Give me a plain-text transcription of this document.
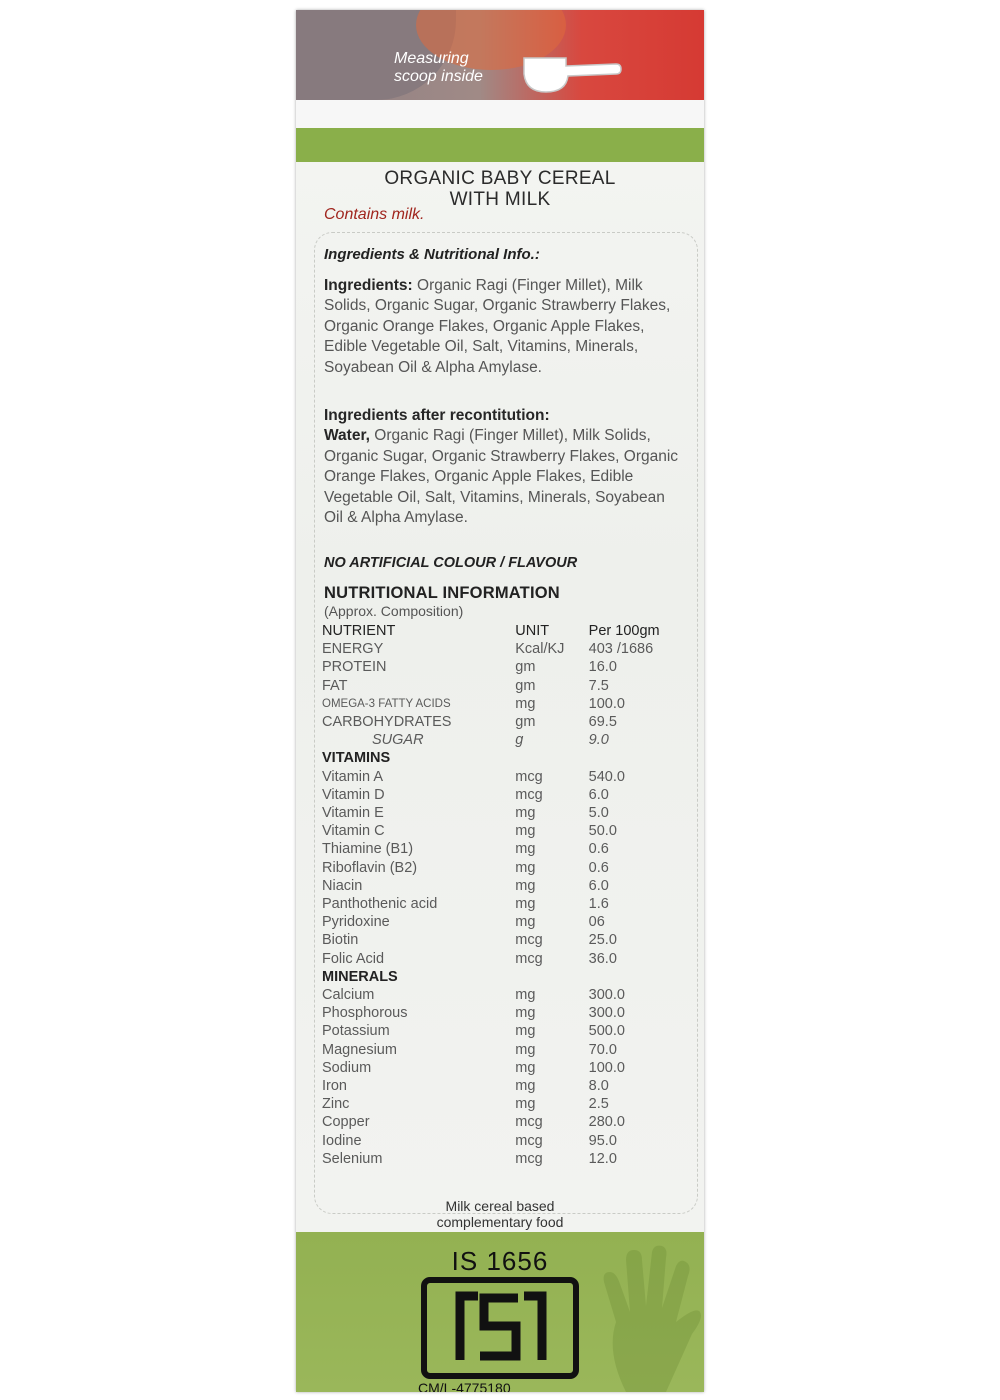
Measuring
scoop inside
ORGANIC BABY CEREAL
WITH MILK
Contains milk.
Ingredients & Nutritional Info.:
Ingredients: Organic Ragi (Finger Millet), Milk Solids, Organic Sugar, Organic Strawberry Flakes, Organic Orange Flakes, Organic Apple Flakes, Edible Vegetable Oil, Salt, Vitamins, Minerals, Soyabean Oil & Alpha Amylase.
Ingredients after recontitution:
Water, Organic Ragi (Finger Millet), Milk Solids, Organic Sugar, Organic Strawberry Flakes, Organic Orange Flakes, Organic Apple Flakes, Edible Vegetable Oil, Salt, Vitamins, Minerals, Soyabean Oil & Alpha Amylase.
NO ARTIFICIAL COLOUR / FLAVOUR
NUTRITIONAL INFORMATION
(Approx. Composition)
NUTRIENT	UNIT	Per 100gm
ENERGY	Kcal/KJ	403 /1686
PROTEIN	gm	16.0
FAT	gm	7.5
OMEGA-3 FATTY ACIDS	mg	100.0
CARBOHYDRATES	gm	69.5
SUGAR	g	9.0
VITAMINS		
Vitamin A	mcg	540.0
Vitamin D	mcg	6.0
Vitamin E	mg	5.0
Vitamin C	mg	50.0
Thiamine (B1)	mg	0.6
Riboflavin (B2)	mg	0.6
Niacin	mg	6.0
Panthothenic acid	mg	1.6
Pyridoxine	mg	06
Biotin	mcg	25.0
Folic Acid	mcg	36.0
MINERALS		
Calcium	mg	300.0
Phosphorous	mg	300.0
Potassium	mg	500.0
Magnesium	mg	70.0
Sodium	mg	100.0
Iron	mg	8.0
Zinc	mg	2.5
Copper	mcg	280.0
Iodine	mcg	95.0
Selenium	mcg	12.0
Milk cereal based
complementary food
IS 1656
CM/L-4775180
